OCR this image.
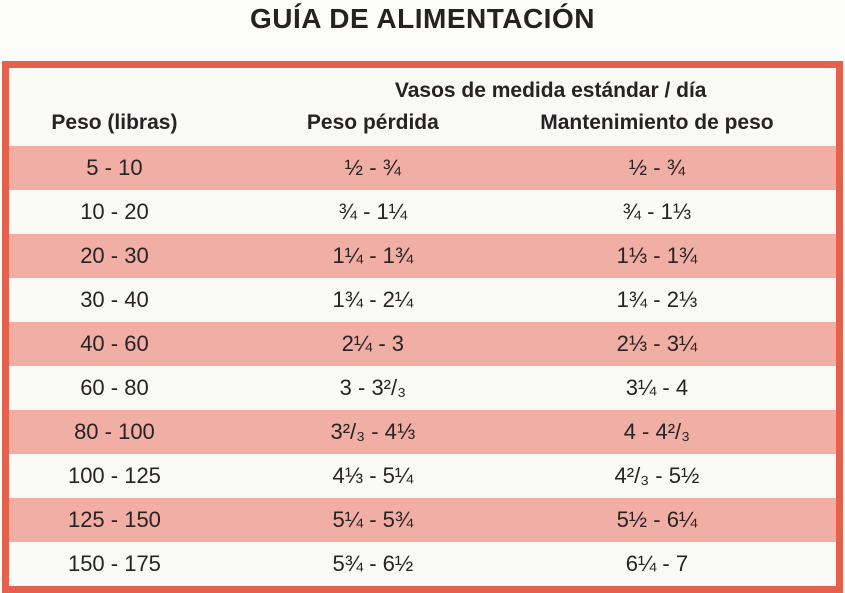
GUÍA DE ALIMENTACIÓN
Vasos de medida estándar / día
Peso (libras)	Peso pérdida	Mantenimiento de peso
5 - 10	½ - ¾	½ - ¾
10 - 20	¾ - 1¼	¾ - 1⅓
20 - 30	1¼ - 1¾	1⅓ - 1¾
30 - 40	1¾ - 2¼	1¾ - 2⅓
40 - 60	2¼ - 3	2⅓ - 3¼
60 - 80	3 - 3²/₃	3¼ - 4
80 - 100	3²/₃ - 4⅓	4 - 4²/₃
100 - 125	4⅓ - 5¼	4²/₃ - 5½
125 - 150	5¼ - 5¾	5½ - 6¼
150 - 175	5¾ - 6½	6¼ - 7
